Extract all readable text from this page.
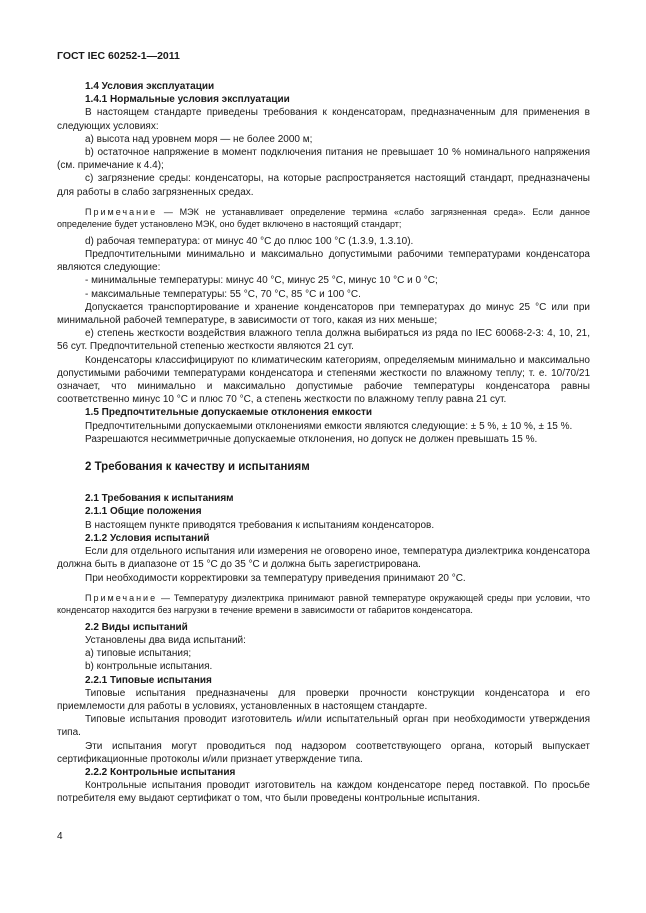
ГОСТ IEC 60252-1—2011

1.4 Условия эксплуатации

1.4.1 Нормальные условия эксплуатации

В настоящем стандарте приведены требования к конденсаторам, предназначенным для применения в следующих условиях:

a) высота над уровнем моря — не более 2000 м;

b) остаточное напряжение в момент подключения питания не превышает 10 % номинального напряжения (см. примечание к 4.4);

c) загрязнение среды: конденсаторы, на которые распространяется настоящий стандарт, предназначены для работы в слабо загрязненных средах.

Примечание — МЭК не устанавливает определение термина «слабо загрязненная среда». Если данное определение будет установлено МЭК, оно будет включено в настоящий стандарт;

d) рабочая температура: от минус 40 °С до плюс 100 °С (1.3.9, 1.3.10).

Предпочтительными минимально и максимально допустимыми рабочими температурами конденсатора являются следующие:

- минимальные температуры: минус 40 °С, минус 25 °С, минус 10 °С и 0 °С;

- максимальные температуры: 55 °С, 70 °С, 85 °С и 100 °С.

Допускается транспортирование и хранение конденсаторов при температурах до минус 25 °С или при минимальной рабочей температуре, в зависимости от того, какая из них меньше;

e) степень жесткости воздействия влажного тепла должна выбираться из ряда по IEC 60068-2-3: 4, 10, 21, 56 сут. Предпочтительной степенью жесткости являются 21 сут.

Конденсаторы классифицируют по климатическим категориям, определяемым минимально и максимально допустимыми рабочими температурами конденсатора и степенями жесткости по влажному теплу; т. е. 10/70/21 означает, что минимально и максимально допустимые рабочие температуры конденсатора равны соответственно минус 10 °С и плюс 70 °С, а степень жесткости по влажному теплу равна 21 сут.

1.5 Предпочтительные допускаемые отклонения емкости

Предпочтительными допускаемыми отклонениями емкости являются следующие: ± 5 %, ± 10 %, ± 15 %.

Разрешаются несимметричные допускаемые отклонения, но допуск не должен превышать 15 %.

2 Требования к качеству и испытаниям

2.1 Требования к испытаниям

2.1.1 Общие положения

В настоящем пункте приводятся требования к испытаниям конденсаторов.

2.1.2 Условия испытаний

Если для отдельного испытания или измерения не оговорено иное, температура диэлектрика конденсатора должна быть в диапазоне от 15 °С до 35 °С и должна быть зарегистрирована.

При необходимости корректировки за температуру приведения принимают 20 °С.

Примечание — Температуру диэлектрика принимают равной температуре окружающей среды при условии, что конденсатор находится без нагрузки в течение времени в зависимости от габаритов конденсатора.

2.2 Виды испытаний

Установлены два вида испытаний:

a) типовые испытания;

b) контрольные испытания.

2.2.1 Типовые испытания

Типовые испытания предназначены для проверки прочности конструкции конденсатора и его приемлемости для работы в условиях, установленных в настоящем стандарте.

Типовые испытания проводит изготовитель и/или испытательный орган при необходимости утверждения типа.

Эти испытания могут проводиться под надзором соответствующего органа, который выпускает сертификационные протоколы и/или признает утверждение типа.

2.2.2 Контрольные испытания

Контрольные испытания проводит изготовитель на каждом конденсаторе перед поставкой. По просьбе потребителя ему выдают сертификат о том, что были проведены контрольные испытания.

4
